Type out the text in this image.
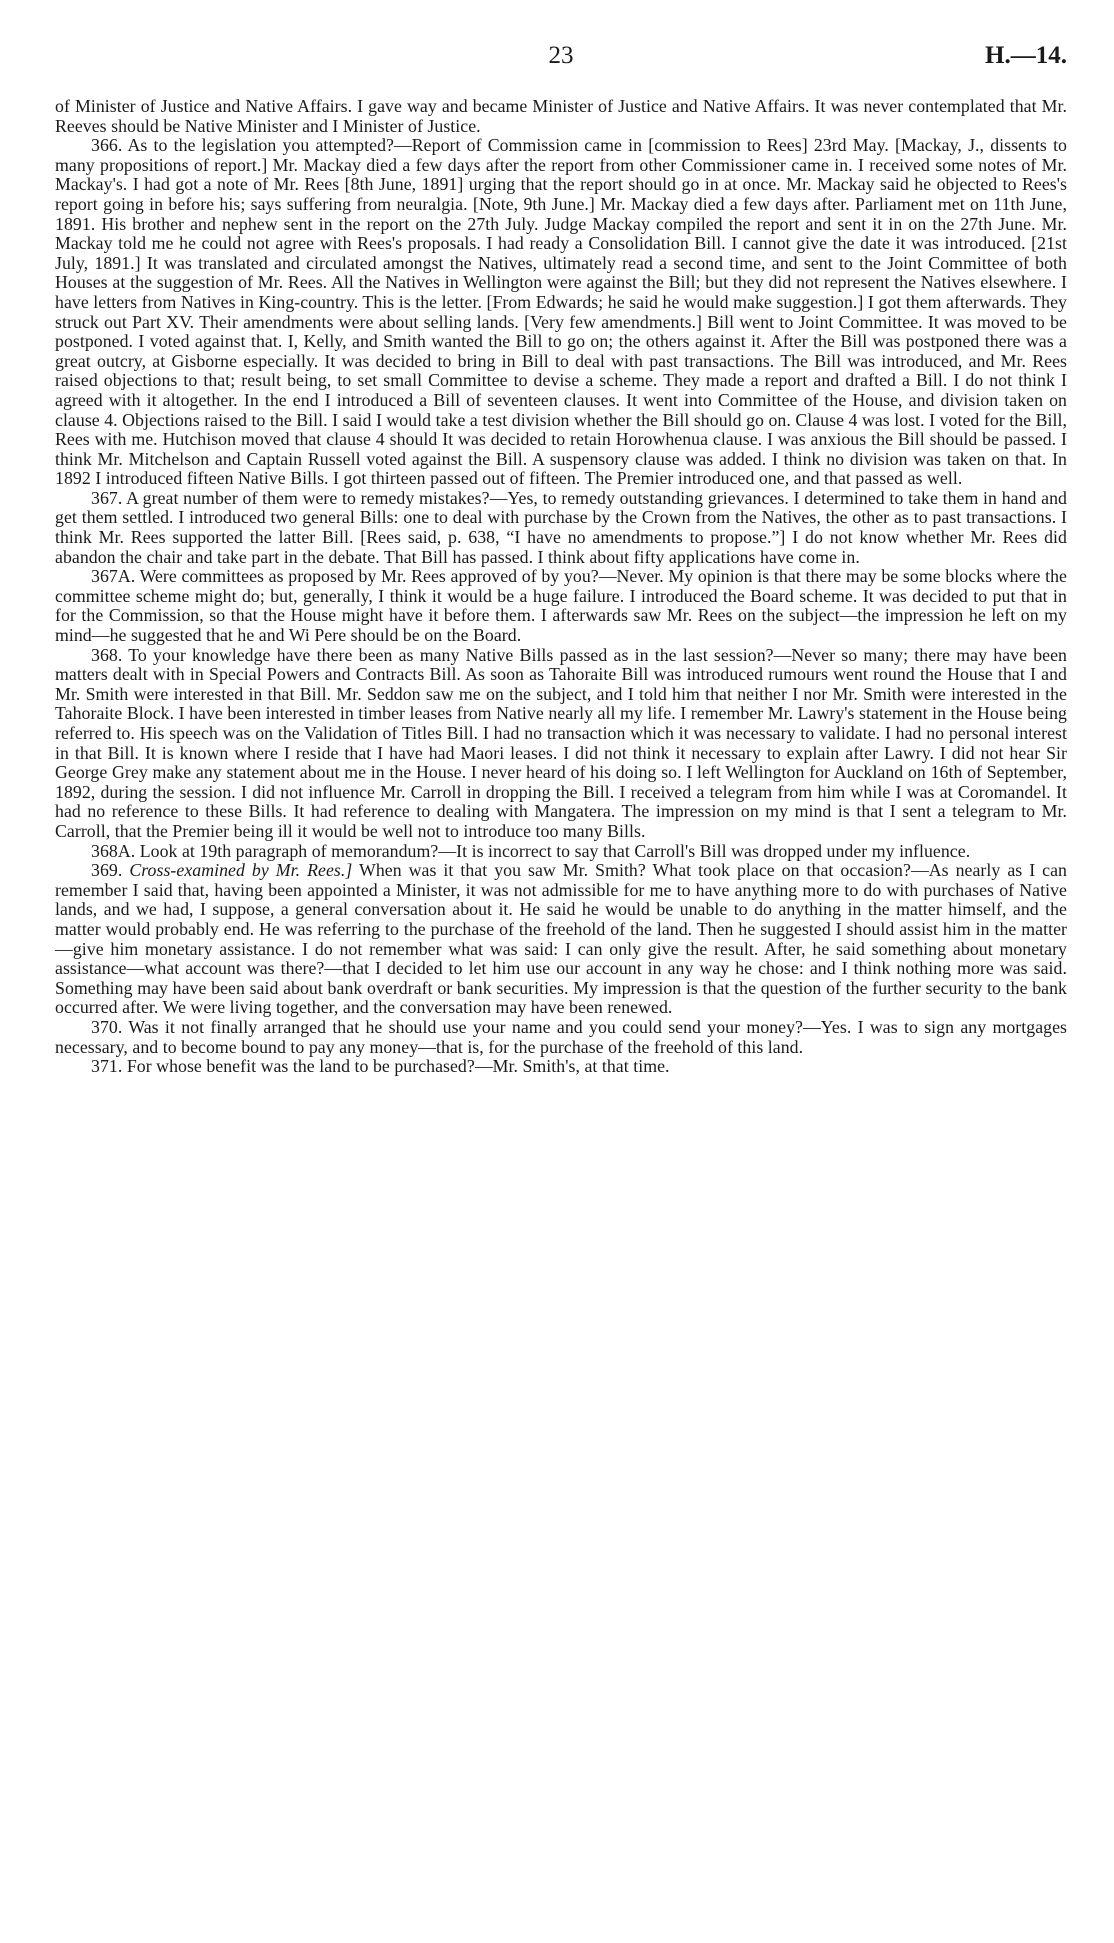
23	H.—14.

of Minister of Justice and Native Affairs. I gave way and became Minister of Justice and Native Affairs. It was never contemplated that Mr. Reeves should be Native Minister and I Minister of Justice.

366. As to the legislation you attempted?—Report of Commission came in [commission to Rees] 23rd May. [Mackay, J., dissents to many propositions of report.] Mr. Mackay died a few days after the report from other Commissioner came in. I received some notes of Mr. Mackay's. I had got a note of Mr. Rees [8th June, 1891] urging that the report should go in at once. Mr. Mackay said he objected to Rees's report going in before his; says suffering from neuralgia. [Note, 9th June.] Mr. Mackay died a few days after. Parliament met on 11th June, 1891. His brother and nephew sent in the report on the 27th July. Judge Mackay compiled the report and sent it in on the 27th June. Mr. Mackay told me he could not agree with Rees's proposals. I had ready a Consolidation Bill. I cannot give the date it was introduced. [21st July, 1891.] It was translated and circulated amongst the Natives, ultimately read a second time, and sent to the Joint Committee of both Houses at the suggestion of Mr. Rees. All the Natives in Wellington were against the Bill; but they did not represent the Natives elsewhere. I have letters from Natives in King-country. This is the letter. [From Edwards; he said he would make suggestion.] I got them afterwards. They struck out Part XV. Their amendments were about selling lands. [Very few amendments.] Bill went to Joint Committee. It was moved to be postponed. I voted against that. I, Kelly, and Smith wanted the Bill to go on; the others against it. After the Bill was postponed there was a great outcry, at Gisborne especially. It was decided to bring in Bill to deal with past transactions. The Bill was introduced, and Mr. Rees raised objections to that; result being, to set small Committee to devise a scheme. They made a report and drafted a Bill. I do not think I agreed with it altogether. In the end I introduced a Bill of seventeen clauses. It went into Committee of the House, and division taken on clause 4. Objections raised to the Bill. I said I would take a test division whether the Bill should go on. Clause 4 was lost. I voted for the Bill, Rees with me. Hutchison moved that clause 4 should It was decided to retain Horowhenua clause. I was anxious the Bill should be passed. I think Mr. Mitchelson and Captain Russell voted against the Bill. A suspensory clause was added. I think no division was taken on that. In 1892 I introduced fifteen Native Bills. I got thirteen passed out of fifteen. The Premier introduced one, and that passed as well.

367. A great number of them were to remedy mistakes?—Yes, to remedy outstanding grievances. I determined to take them in hand and get them settled. I introduced two general Bills: one to deal with purchase by the Crown from the Natives, the other as to past transactions. I think Mr. Rees supported the latter Bill. [Rees said, p. 638, “I have no amendments to propose.”] I do not know whether Mr. Rees did abandon the chair and take part in the debate. That Bill has passed. I think about fifty applications have come in.

367A. Were committees as proposed by Mr. Rees approved of by you?—Never. My opinion is that there may be some blocks where the committee scheme might do; but, generally, I think it would be a huge failure. I introduced the Board scheme. It was decided to put that in for the Commission, so that the House might have it before them. I afterwards saw Mr. Rees on the subject—the impression he left on my mind—he suggested that he and Wi Pere should be on the Board.

368. To your knowledge have there been as many Native Bills passed as in the last session?—Never so many; there may have been matters dealt with in Special Powers and Contracts Bill. As soon as Tahoraite Bill was introduced rumours went round the House that I and Mr. Smith were interested in that Bill. Mr. Seddon saw me on the subject, and I told him that neither I nor Mr. Smith were interested in the Tahoraite Block. I have been interested in timber leases from Native nearly all my life. I remember Mr. Lawry's statement in the House being referred to. His speech was on the Validation of Titles Bill. I had no transaction which it was necessary to validate. I had no personal interest in that Bill. It is known where I reside that I have had Maori leases. I did not think it necessary to explain after Lawry. I did not hear Sir George Grey make any statement about me in the House. I never heard of his doing so. I left Wellington for Auckland on 16th of September, 1892, during the session. I did not influence Mr. Carroll in dropping the Bill. I received a telegram from him while I was at Coromandel. It had no reference to these Bills. It had reference to dealing with Mangatera. The impression on my mind is that I sent a telegram to Mr. Carroll, that the Premier being ill it would be well not to introduce too many Bills.

368A. Look at 19th paragraph of memorandum?—It is incorrect to say that Carroll's Bill was dropped under my influence.

369. Cross-examined by Mr. Rees.] When was it that you saw Mr. Smith? What took place on that occasion?—As nearly as I can remember I said that, having been appointed a Minister, it was not admissible for me to have anything more to do with purchases of Native lands, and we had, I suppose, a general conversation about it. He said he would be unable to do anything in the matter himself, and the matter would probably end. He was referring to the purchase of the freehold of the land. Then he suggested I should assist him in the matter—give him monetary assistance. I do not remember what was said: I can only give the result. After, he said something about monetary assistance—what account was there?—that I decided to let him use our account in any way he chose: and I think nothing more was said. Something may have been said about bank overdraft or bank securities. My impression is that the question of the further security to the bank occurred after. We were living together, and the conversation may have been renewed.

370. Was it not finally arranged that he should use your name and you could send your money?—Yes. I was to sign any mortgages necessary, and to become bound to pay any money—that is, for the purchase of the freehold of this land.

371. For whose benefit was the land to be purchased?—Mr. Smith's, at that time.
